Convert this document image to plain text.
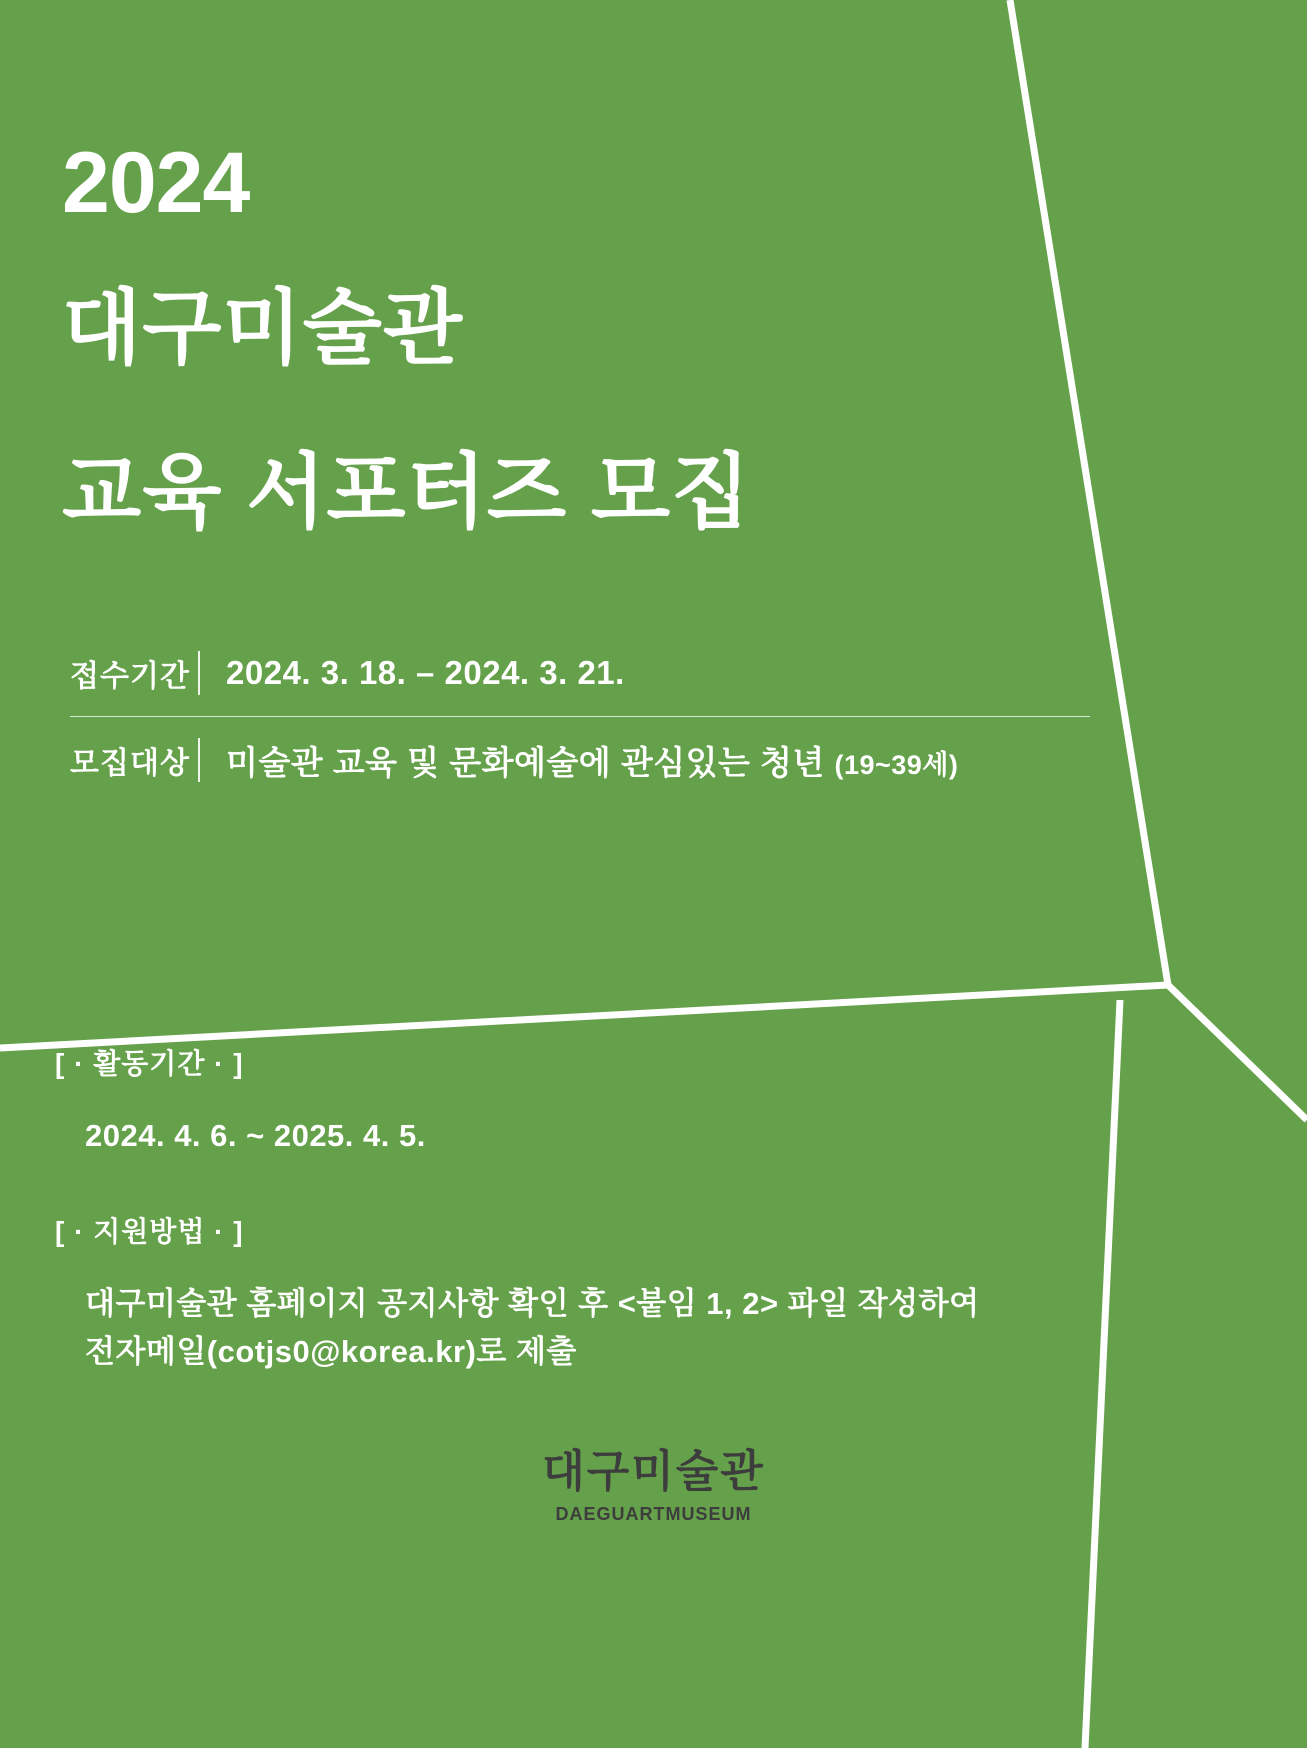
2024
대구미술관
교육 서포터즈 모집
접수기간	2024. 3. 18. – 2024. 3. 21.
모집대상	미술관 교육 및 문화예술에 관심있는 청년 (19~39세)
[ · 활동기간 · ]
2024. 4. 6. ~ 2025. 4. 5.
[ · 지원방법 · ]
대구미술관 홈페이지 공지사항 확인 후 <붙임 1, 2> 파일 작성하여
전자메일(cotjs0@korea.kr)로 제출
대구미술관
DAEGUARTMUSEUM
